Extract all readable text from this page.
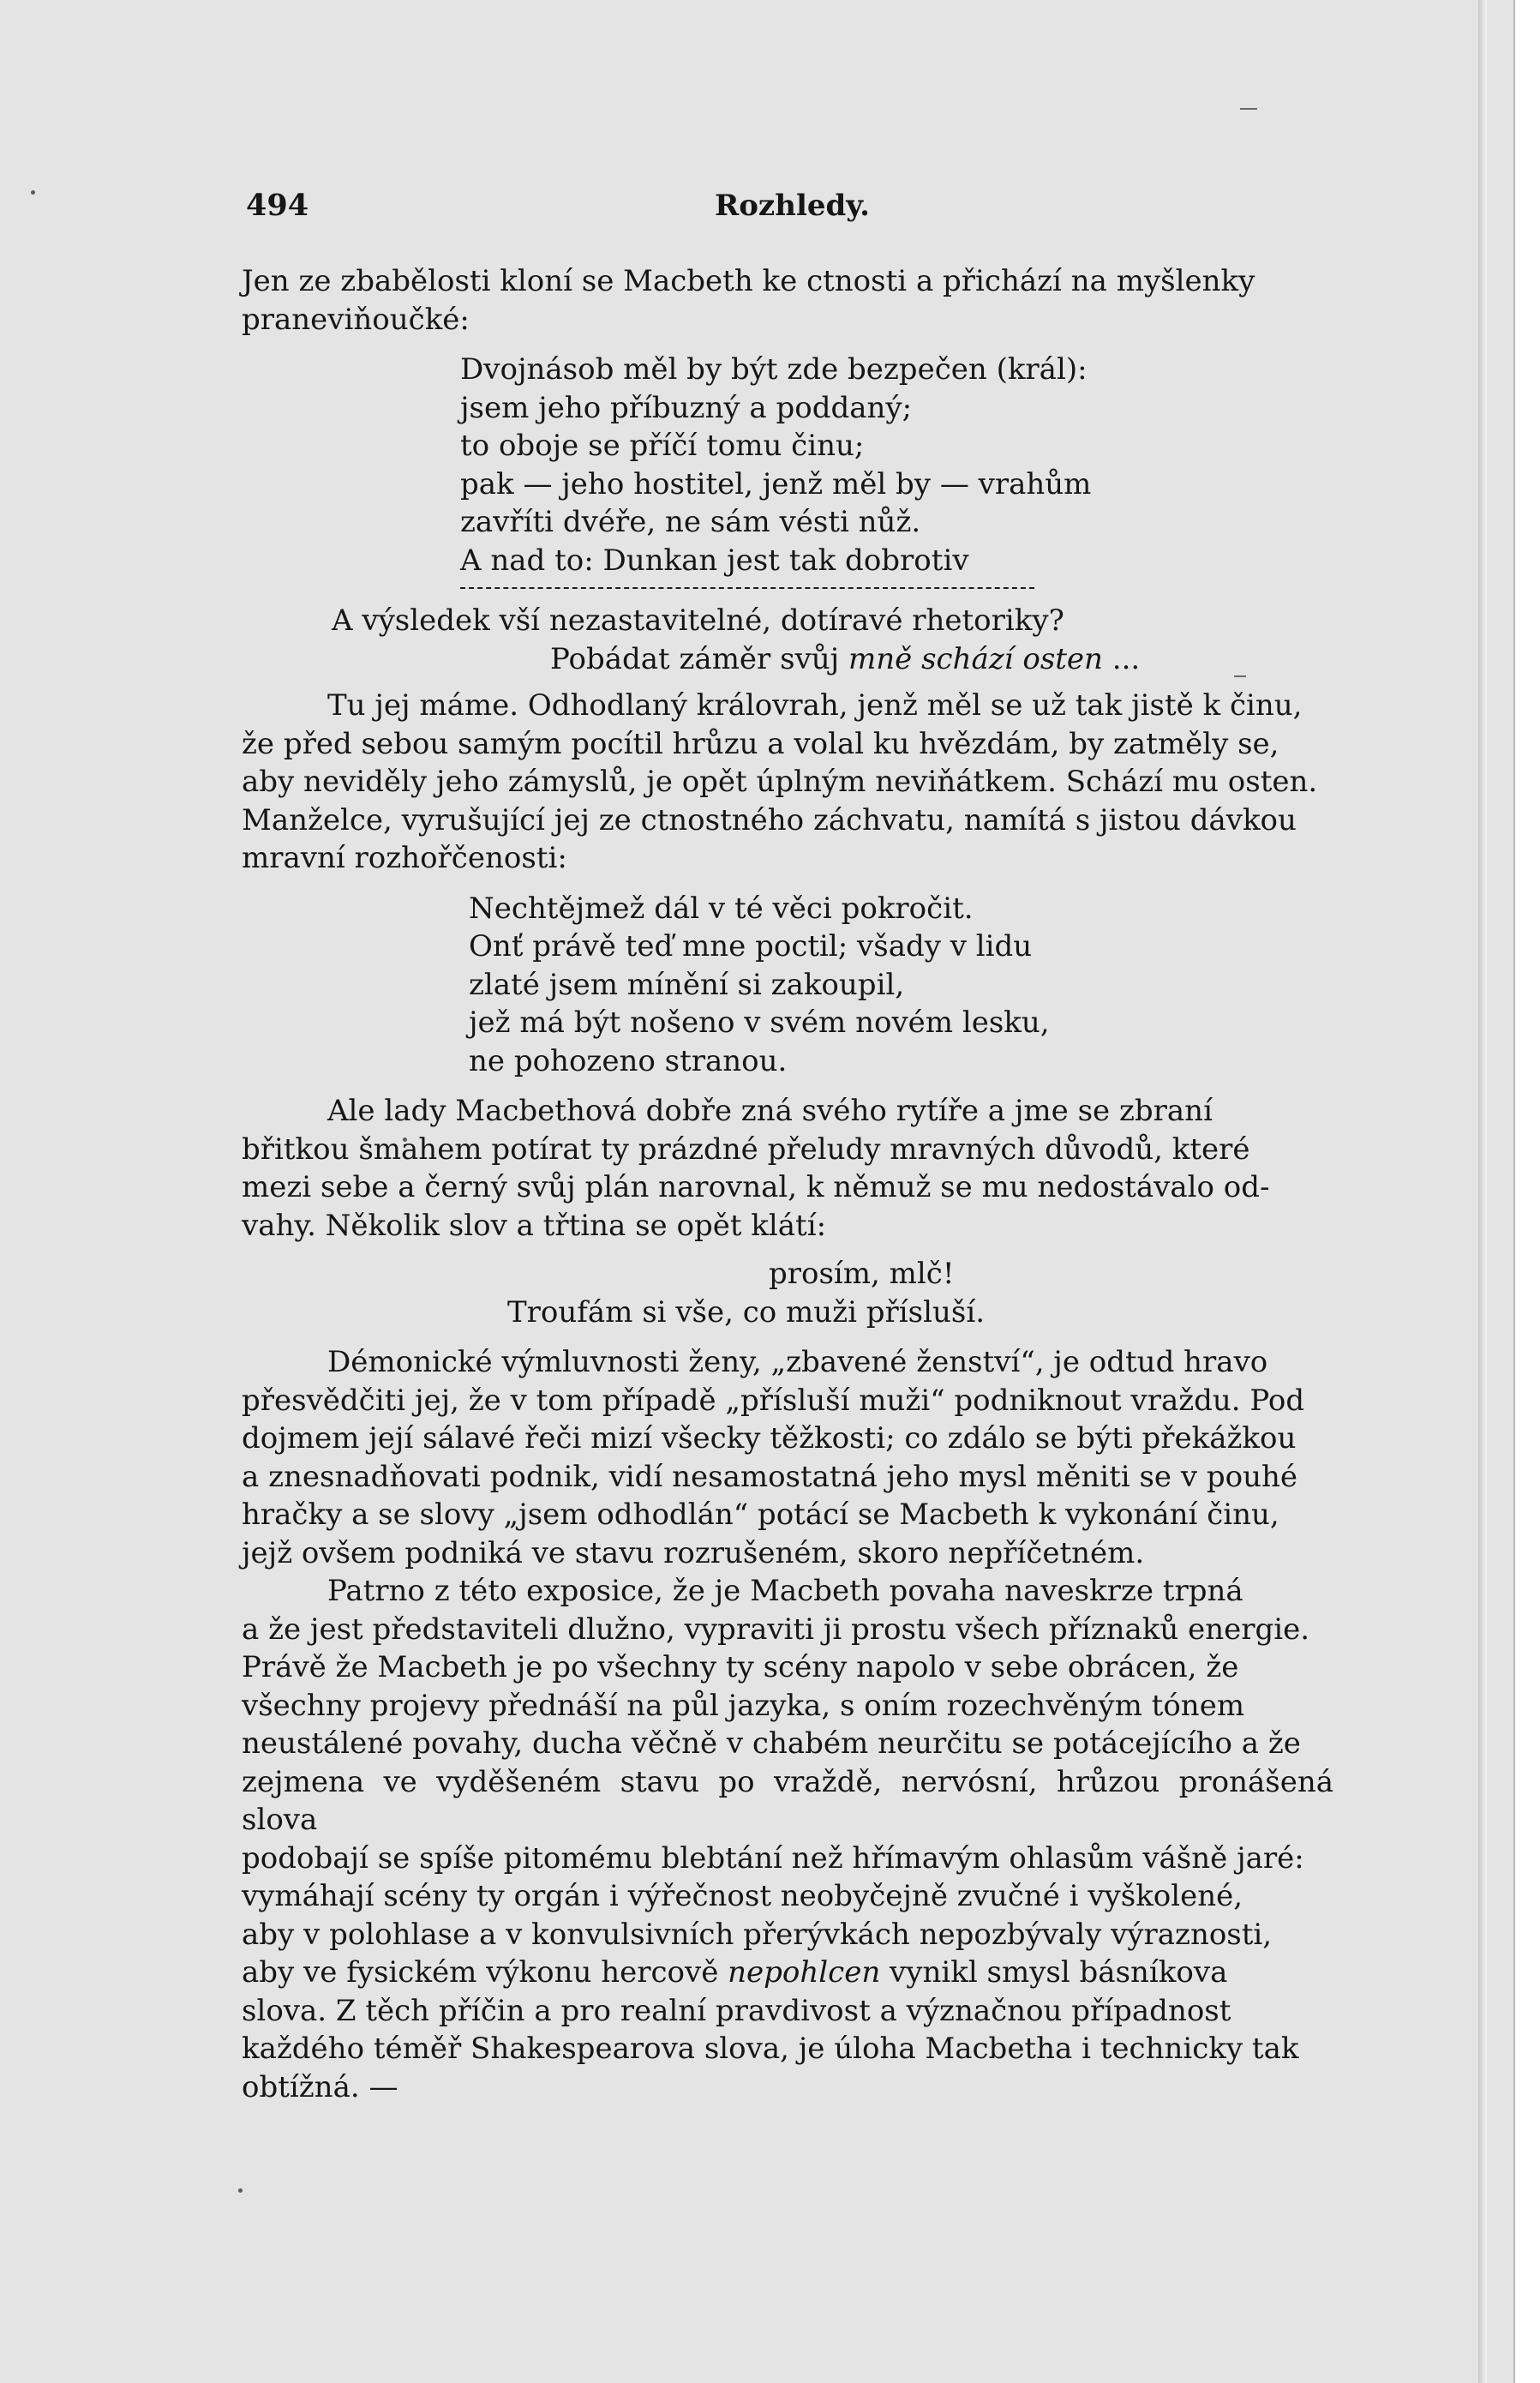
494	Rozhledy.
Jen ze zbabělosti kloní se Macbeth ke ctnosti a přichází na myšlenky
praneviňoučké:
Dvojnásob měl by být zde bezpečen (král):
jsem jeho příbuzný a poddaný;
to oboje se příčí tomu činu;
pak — jeho hostitel, jenž měl by — vrahům
zavříti dvéře, ne sám vésti nůž.
A nad to: Dunkan jest tak dobrotiv
A výsledek vší nezastavitelné, dotíravé rhetoriky?
Pobádat záměr svůj mně schází osten ...
Tu jej máme. Odhodlaný královrah, jenž měl se už tak jistě k činu,
že před sebou samým pocítil hrůzu a volal ku hvězdám, by zatměly se,
aby neviděly jeho zámyslů, je opět úplným neviňátkem. Schází mu osten.
Manželce, vyrušující jej ze ctnostného záchvatu, namítá s jistou dávkou
mravní rozhořčenosti:
Nechtějmež dál v té věci pokročit.
Onť právě teď mne poctil; všady v lidu
zlaté jsem mínění si zakoupil,
jež má být nošeno v svém novém lesku,
ne pohozeno stranou.
Ale lady Macbethová dobře zná svého rytíře a jme se zbraní
břitkou šmahem potírat ty prázdné přeludy mravných důvodů, které
mezi sebe a černý svůj plán narovnal, k němuž se mu nedostávalo od-
vahy. Několik slov a třtina se opět klátí:
prosím, mlč!
Troufám si vše, co muži přísluší.
Démonické výmluvnosti ženy, „zbavené ženství“, je odtud hravo
přesvědčiti jej, že v tom případě „přísluší muži“ podniknout vraždu. Pod
dojmem její sálavé řeči mizí všecky těžkosti; co zdálo se býti překážkou
a znesnadňovati podnik, vidí nesamostatná jeho mysl měniti se v pouhé
hračky a se slovy „jsem odhodlán“ potácí se Macbeth k vykonání činu,
jejž ovšem podniká ve stavu rozrušeném, skoro nepříčetném.
Patrno z této exposice, že je Macbeth povaha naveskrze trpná
a že jest představiteli dlužno, vypraviti ji prostu všech příznaků energie.
Právě že Macbeth je po všechny ty scény napolo v sebe obrácen, že
všechny projevy přednáší na půl jazyka, s oním rozechvěným tónem
neustálené povahy, ducha věčně v chabém neurčitu se potácejícího a že
zejmena ve vyděšeném stavu po vraždě, nervósní, hrůzou pronášená slova
podobají se spíše pitomému blebtání než hřímavým ohlasům vášně jaré:
vymáhají scény ty orgán i výřečnost neobyčejně zvučné i vyškolené,
aby v polohlase a v konvulsivních přerývkách nepozbývaly výraznosti,
aby ve fysickém výkonu hercově nepohlcen vynikl smysl básníkova
slova. Z těch příčin a pro realní pravdivost a význačnou případnost
každého téměř Shakespearova slova, je úloha Macbetha i technicky tak
obtížná. —
